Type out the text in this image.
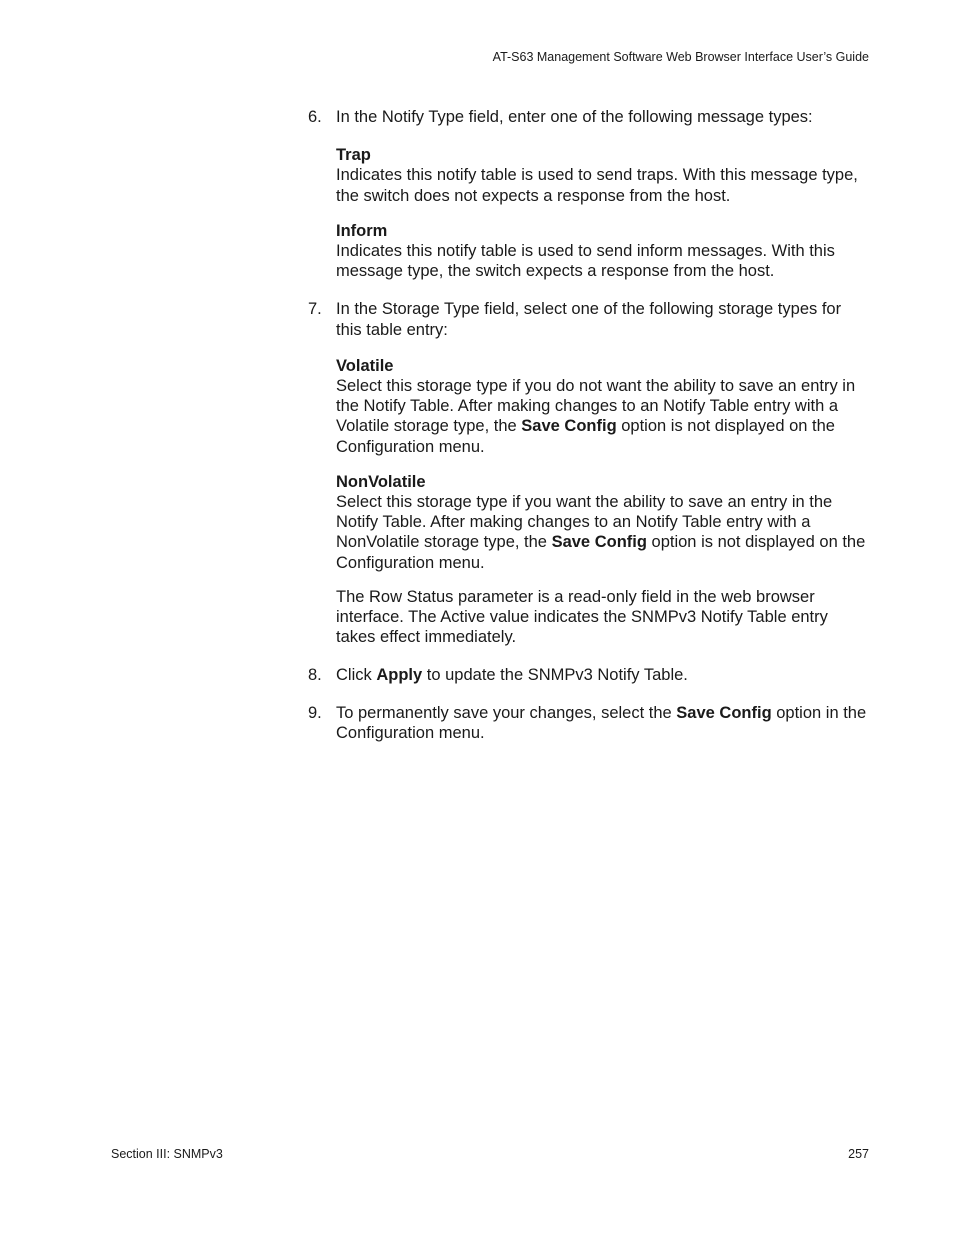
AT-S63 Management Software Web Browser Interface User’s Guide
6. In the Notify Type field, enter one of the following message types:

Trap

Indicates this notify table is used to send traps. With this message type, the switch does not expects a response from the host.

Inform

Indicates this notify table is used to send inform messages. With this message type, the switch expects a response from the host.

7. In the Storage Type field, select one of the following storage types for this table entry:

Volatile

Select this storage type if you do not want the ability to save an entry in the Notify Table. After making changes to an Notify Table entry with a Volatile storage type, the Save Config option is not displayed on the Configuration menu.

NonVolatile

Select this storage type if you want the ability to save an entry in the Notify Table. After making changes to an Notify Table entry with a NonVolatile storage type, the Save Config option is not displayed on the Configuration menu.

The Row Status parameter is a read-only field in the web browser interface. The Active value indicates the SNMPv3 Notify Table entry takes effect immediately.

8. Click Apply to update the SNMPv3 Notify Table.

9. To permanently save your changes, select the Save Config option in the Configuration menu.

Section III: SNMPv3	257
